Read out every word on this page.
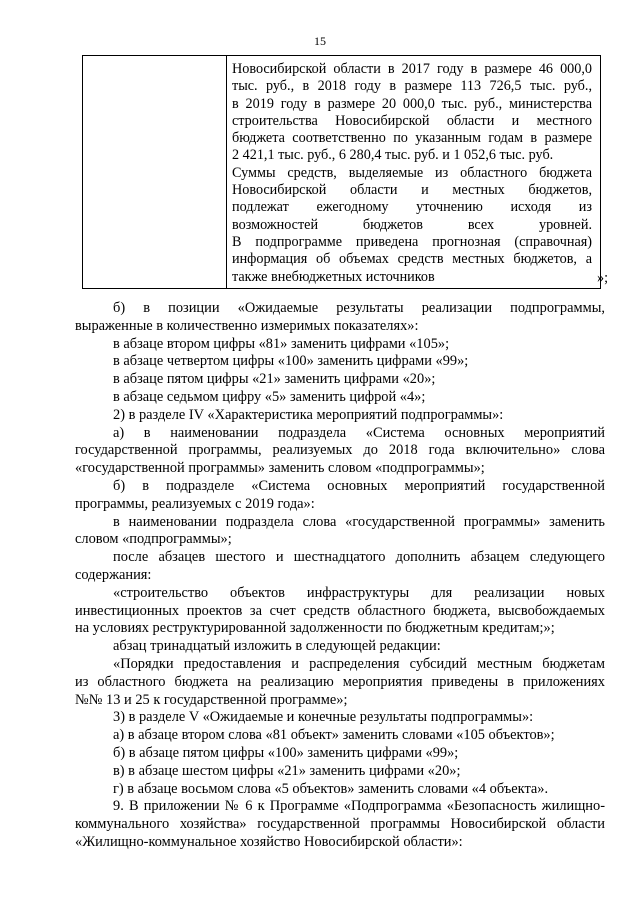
15

Новосибирской области в 2017 году в размере 46 000,0
тыс. руб., в 2018 году в размере 113 726,5 тыс. руб.,
в 2019 году в размере 20 000,0 тыс. руб., министерства
строительства Новосибирской области и местного
бюджета соответственно по указанным годам в размере
2 421,1 тыс. руб., 6 280,4 тыс. руб. и 1 052,6 тыс. руб.
Суммы средств, выделяемые из областного бюджета
Новосибирской области и местных бюджетов,
подлежат ежегодному уточнению исходя из
возможностей бюджетов всех уровней.
В подпрограмме приведена прогнозная (справочная)
информация об объемах средств местных бюджетов, а
также внебюджетных источников	»;

б) в позиции «Ожидаемые результаты реализации подпрограммы,

выраженные в количественно измеримых показателях»:

в абзаце втором цифры «81» заменить цифрами «105»;

в абзаце четвертом цифры «100» заменить цифрами «99»;

в абзаце пятом цифры «21» заменить цифрами «20»;

в абзаце седьмом цифру «5» заменить цифрой «4»;

2) в разделе IV «Характеристика мероприятий подпрограммы»:

а) в наименовании подраздела «Система основных мероприятий

государственной программы, реализуемых до 2018 года включительно» слова

«государственной программы» заменить словом «подпрограммы»;

б) в подразделе «Система основных мероприятий государственной

программы, реализуемых с 2019 года»:

в наименовании подраздела слова «государственной программы» заменить

словом «подпрограммы»;

после абзацев шестого и шестнадцатого дополнить абзацем следующего

содержания:

«строительство объектов инфраструктуры для реализации новых

инвестиционных проектов за счет средств областного бюджета, высвобождаемых

на условиях реструктурированной задолженности по бюджетным кредитам;»;

абзац тринадцатый изложить в следующей редакции:

«Порядки предоставления и распределения субсидий местным бюджетам

из областного бюджета на реализацию мероприятия приведены в приложениях

№№ 13 и 25 к государственной программе»;

3) в разделе V «Ожидаемые и конечные результаты подпрограммы»:

а) в абзаце втором слова «81 объект» заменить словами «105 объектов»;

б) в абзаце пятом цифры «100» заменить цифрами «99»;

в) в абзаце шестом цифры «21» заменить цифрами «20»;

г) в абзаце восьмом слова «5 объектов» заменить словами «4 объекта».

9. В приложении № 6 к Программе «Подпрограмма «Безопасность жилищно-

коммунального хозяйства» государственной программы Новосибирской области

«Жилищно-коммунальное хозяйство Новосибирской области»:
